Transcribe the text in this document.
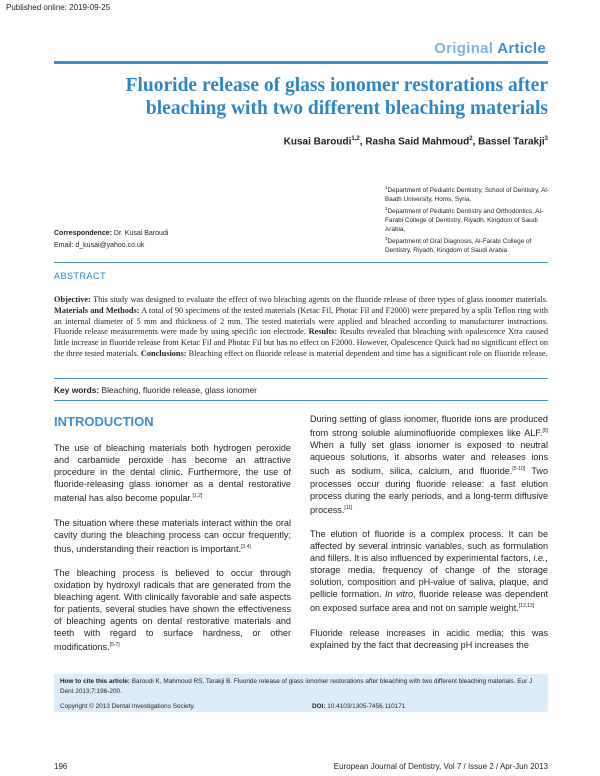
Published online: 2019-09-25
Original Article
Fluoride release of glass ionomer restorations after bleaching with two different bleaching materials
Kusai Baroudi$^{1,2}$, Rasha Said Mahmoud$^2$, Bassel Tarakji$^3$
$^1$Department of Pediatric Dentistry, School of Dentistry, Al-Baath University, Homs, Syria,
$^2$Department of Pediatric Dentistry and Orthodontics, Al-Farabi College of Dentistry, Riyadh, Kingdom of Saudi Arabia,
$^3$Department of Oral Diagnosis, Al-Farabi College of Dentistry, Riyadh, Kingdom of Saudi Arabia
Correspondence: Dr. Kusai Baroudi
Email: d_kusai@yahoo.co.uk
ABSTRACT
Objective: This study was designed to evaluate the effect of two bleaching agents on the fluoride release of three types of glass ionomer materials. Materials and Methods: A total of 90 specimens of the tested materials (Ketac Fil, Photac Fil and F2000) were prepared by a split Teflon ring with an internal diameter of 5 mm and thickness of 2 mm. The tested materials were applied and bleached according to manufacturer instructions. Fluoride release measurements were made by using specific ion electrode. Results: Results revealed that bleaching with opalescence Xtra caused little increase in fluoride release from Ketac Fil and Photac Fil but has no effect on F2000. However, Opalescence Quick had no significant effect on the three tested materials. Conclusions: Bleaching effect on fluoride release is material dependent and time has a significant role on fluoride release.
Key words: Bleaching, fluoride release, glass ionomer
INTRODUCTION

The use of bleaching materials both hydrogen peroxide and carbamide peroxide has become an attractive procedure in the dental clinic. Furthermore, the use of fluoride-releasing glass ionomer as a dental restorative material has also become popular.[1,2]

The situation where these materials interact within the oral cavity during the bleaching process can occur frequently; thus, understanding their reaction is important.[3,4]

The bleaching process is believed to occur through oxidation by hydroxyl radicals that are generated from the bleaching agent. With clinically favorable and safe aspects for patients, several studies have shown the effectiveness of bleaching agents on dental restorative materials and teeth with regard to surface hardness, or other modifications.[5-7]

During setting of glass ionomer, fluoride ions are produced from strong soluble aluminofluoride complexes like ALF.[5] When a fully set glass ionomer is exposed to neutral aqueous solutions, it absorbs water and releases ions such as sodium, silica, calcium, and fluoride.[5-10] Two processes occur during fluoride release: a fast elution process during the early periods, and a long-term diffusive process.[11]

The elution of fluoride is a complex process. It can be affected by several intrinsic variables, such as formulation and fillers. It is also influenced by experimental factors, i.e., storage media, frequency of change of the storage solution, composition and pH-value of saliva, plaque, and pellicle formation. In vitro, fluoride release was dependent on exposed surface area and not on sample weight.[12,13]

Fluoride release increases in acidic media; this was explained by the fact that decreasing pH increases the

How to cite this article: Baroudi K, Mahmoud RS, Tarakji B. Fluoride release of glass ionomer restorations after bleaching with two different bleaching materials. Eur J Dent 2013;7:196-200.
Copyright © 2013 Dental Investigations Society.	DOI: 10.4103/1305-7456.110171
196	European Journal of Dentistry, Vol 7 / Issue 2 / Apr-Jun 2013
